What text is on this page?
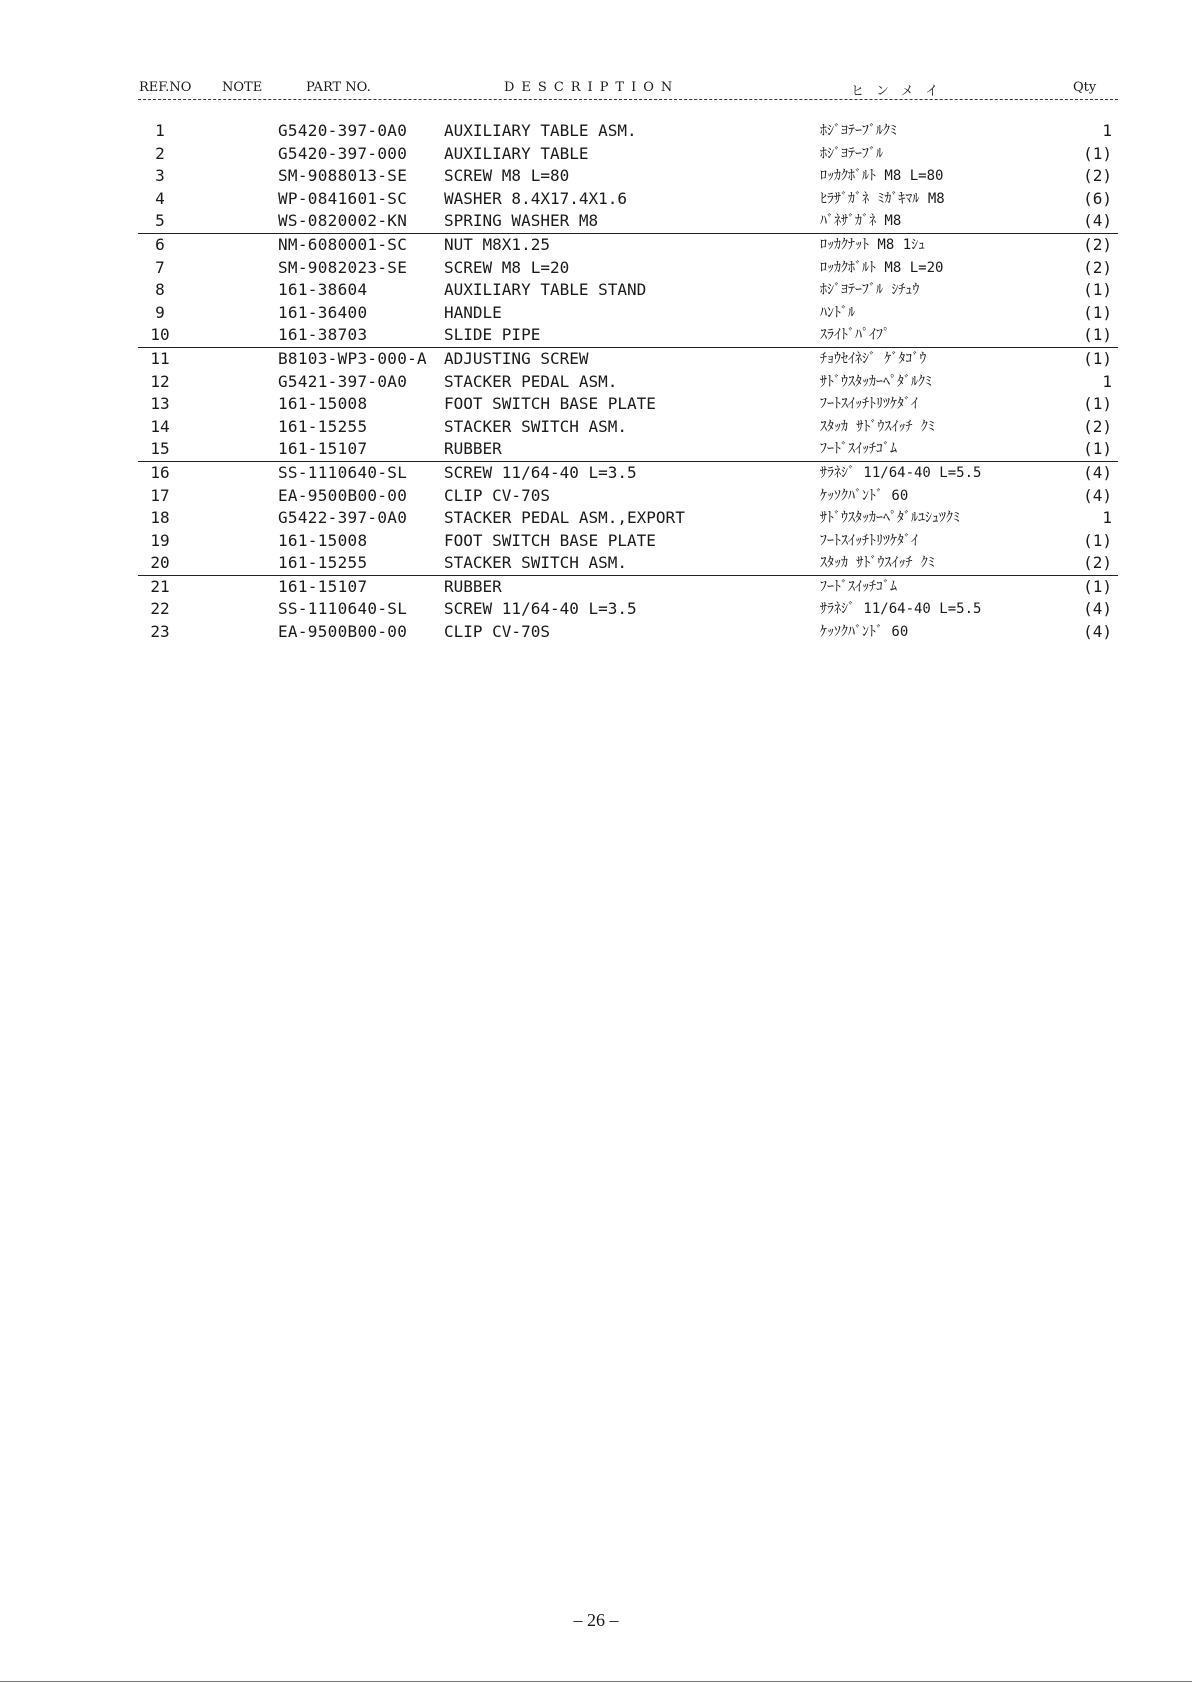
REF.NO NOTE	PART NO.	DESCRIPTION	ヒンメイ	Qty
1	G5420-397-0A0 AUXILIARY TABLE ASM.	ﾎｼﾞﾖﾃｰﾌﾞﾙｸﾐ	1
2	G5420-397-000 AUXILIARY TABLE	ﾎｼﾞﾖﾃｰﾌﾞﾙ	(1)
3	SM-9088013-SE SCREW M8 L=80	ﾛｯｶｸﾎﾞﾙﾄ M8 L=80	(2)
4	WP-0841601-SC WASHER 8.4X17.4X1.6	ﾋﾗｻﾞｶﾞﾈ ﾐｶﾞｷﾏﾙ M8	(6)
5	WS-0820002-KN SPRING WASHER M8	ﾊﾞﾈｻﾞｶﾞﾈ M8	(4)
6	NM-6080001-SC NUT M8X1.25	ﾛｯｶｸﾅｯﾄ M8 1ｼｭ	(2)
7	SM-9082023-SE SCREW M8 L=20	ﾛｯｶｸﾎﾞﾙﾄ M8 L=20	(2)
8	161-38604	AUXILIARY TABLE STAND	ﾎｼﾞﾖﾃｰﾌﾞﾙ ｼﾁｭｳ	(1)
9	161-36400	HANDLE	ﾊﾝﾄﾞﾙ	(1)
10	161-38703	SLIDE PIPE	ｽﾗｲﾄﾞﾊﾟｲﾌﾟ	(1)
11	B8103-WP3-000-A ADJUSTING SCREW	ﾁｮｳｾｲﾈｼﾞ ｹﾞﾀｺﾞｳ	(1)
12	G5421-397-0A0 STACKER PEDAL ASM.	ｻﾄﾞｳｽﾀｯｶｰﾍﾟﾀﾞﾙｸﾐ	1
13	161-15008	FOOT SWITCH BASE PLATE	ﾌｰﾄｽｲｯﾁﾄﾘﾂｹﾀﾞｲ	(1)
14	161-15255	STACKER SWITCH ASM.	ｽﾀｯｶ ｻﾄﾞｳｽｲｯﾁ ｸﾐ	(2)
15	161-15107	RUBBER	ﾌｰﾄﾞｽｲｯﾁｺﾞﾑ	(1)
16	SS-1110640-SL SCREW 11/64-40 L=3.5	ｻﾗﾈｼﾞ 11/64-40 L=5.5	(4)
17	EA-9500B00-00 CLIP CV-70S	ｹｯｿｸﾊﾞﾝﾄﾞ 60	(4)
18	G5422-397-0A0 STACKER PEDAL ASM.,EXPORT	ｻﾄﾞｳｽﾀｯｶｰﾍﾟﾀﾞﾙﾕｼｭﾂｸﾐ	1
19	161-15008	FOOT SWITCH BASE PLATE	ﾌｰﾄｽｲｯﾁﾄﾘﾂｹﾀﾞｲ	(1)
20	161-15255	STACKER SWITCH ASM.	ｽﾀｯｶ ｻﾄﾞｳｽｲｯﾁ ｸﾐ	(2)
21	161-15107	RUBBER	ﾌｰﾄﾞｽｲｯﾁｺﾞﾑ	(1)
22	SS-1110640-SL SCREW 11/64-40 L=3.5	ｻﾗﾈｼﾞ 11/64-40 L=5.5	(4)
23	EA-9500B00-00 CLIP CV-70S	ｹｯｿｸﾊﾞﾝﾄﾞ 60	(4)
– 26 –
